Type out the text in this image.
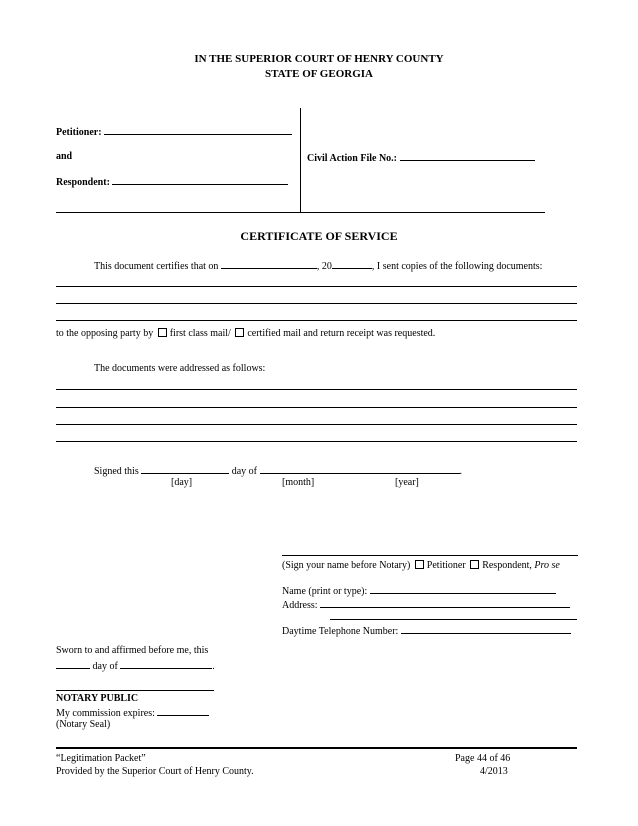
IN THE SUPERIOR COURT OF HENRY COUNTY
STATE OF GEORGIA
Petitioner:
and
Respondent:
Civil Action File No.:
CERTIFICATE OF SERVICE
This document certifies that on	, 20	, I sent copies of the following documents:
to the opposing party by first class mail/ certified mail and return receipt was requested.
The documents were addressed as follows:
Signed this	day of	.
[day]	[month]	[year]
(Sign your name before Notary) Petitioner Respondent, Pro se
Name (print or type):
Address:
Daytime Telephone Number:
Sworn to and affirmed before me, this
day of	.
NOTARY PUBLIC
My commission expires:
(Notary Seal)
“Legitimation Packet”
Provided by the Superior Court of Henry County.
Page 44 of 46
4/2013
